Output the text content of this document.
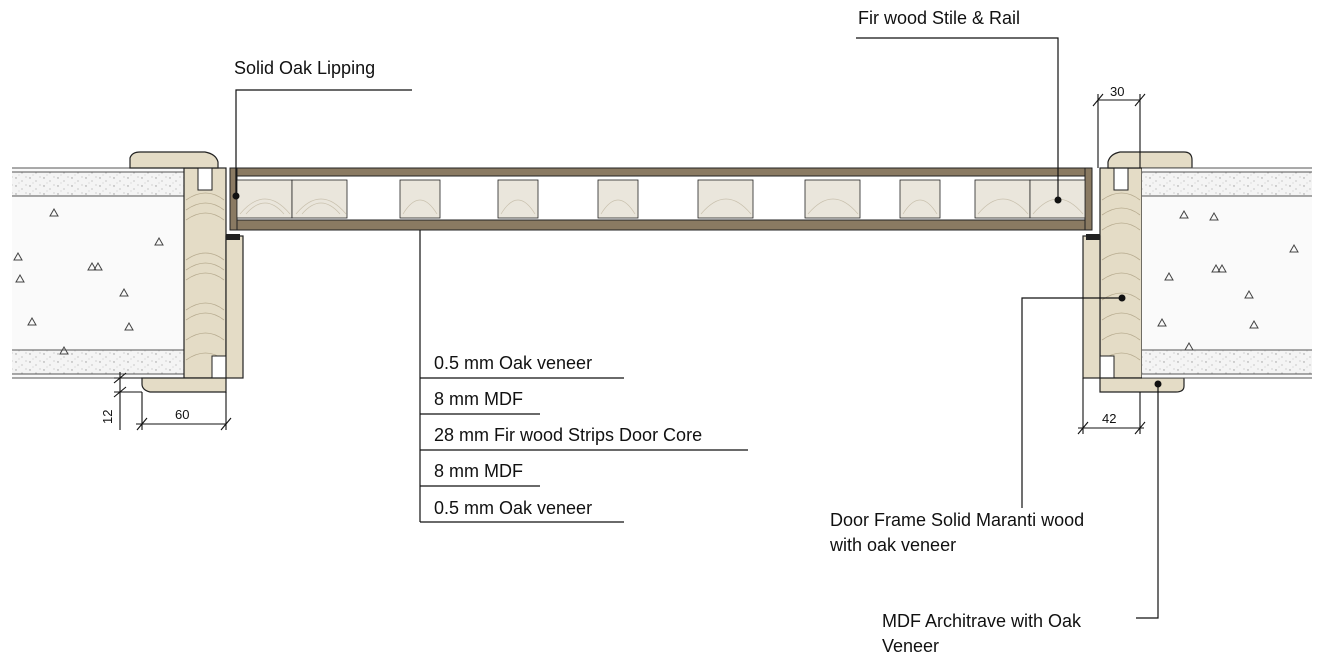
Fir wood Stile & Rail
Solid Oak Lipping
0.5 mm Oak veneer
8 mm MDF
28 mm Fir wood Strips Door Core
8 mm MDF
0.5 mm Oak veneer
Door Frame Solid Maranti wood
with oak veneer
MDF Architrave with Oak
Veneer
30
60
12	42
